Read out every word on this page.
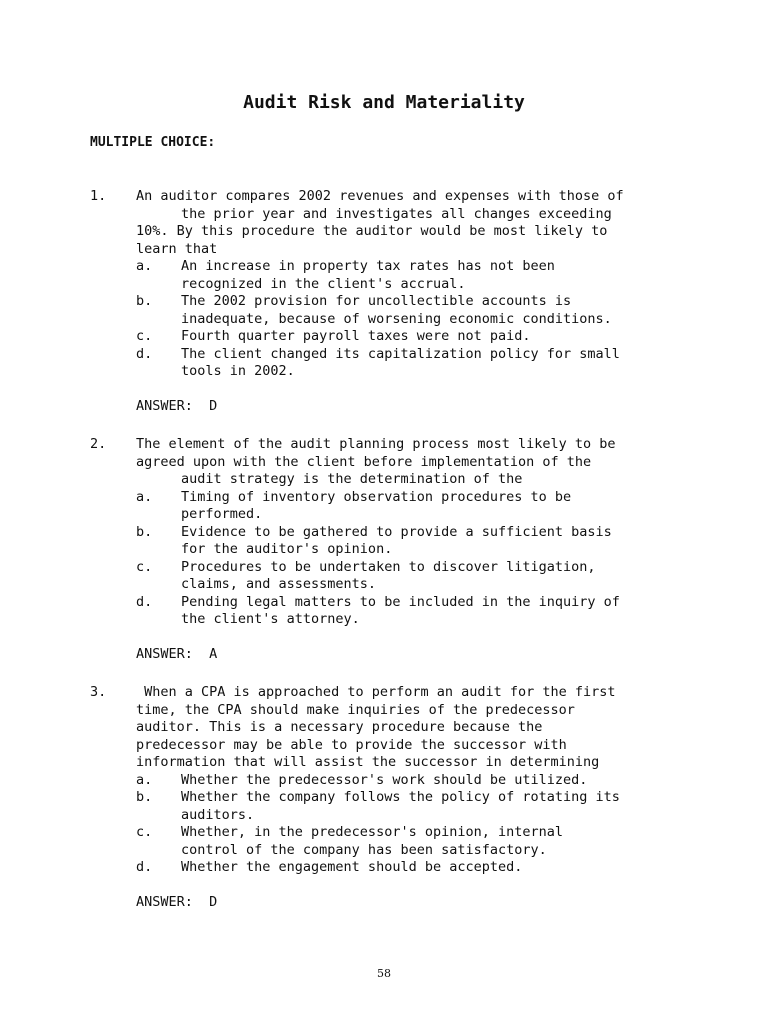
Audit Risk and Materiality
MULTIPLE CHOICE:
1.	An auditor compares 2002 revenues and expenses with those of
the prior year and investigates all changes exceeding
10%. By this procedure the auditor would be most likely to
learn that
a.	An increase in property tax rates has not been
recognized in the client's accrual.
b.	The 2002 provision for uncollectible accounts is
inadequate, because of worsening economic conditions.
c.	Fourth quarter payroll taxes were not paid.
d.	The client changed its capitalization policy for small
tools in 2002.
ANSWER:  D
2.	The element of the audit planning process most likely to be
agreed upon with the client before implementation of the
audit strategy is the determination of the
a.	Timing of inventory observation procedures to be
performed.
b.	Evidence to be gathered to provide a sufficient basis
for the auditor's opinion.
c.	Procedures to be undertaken to discover litigation,
claims, and assessments.
d.	Pending legal matters to be included in the inquiry of
the client's attorney.
ANSWER:  A
3.	When a CPA is approached to perform an audit for the first
time, the CPA should make inquiries of the predecessor
auditor. This is a necessary procedure because the
predecessor may be able to provide the successor with
information that will assist the successor in determining
a.	Whether the predecessor's work should be utilized.
b.	Whether the company follows the policy of rotating its
auditors.
c.	Whether, in the predecessor's opinion, internal
control of the company has been satisfactory.
d.	Whether the engagement should be accepted.
ANSWER:  D
58
